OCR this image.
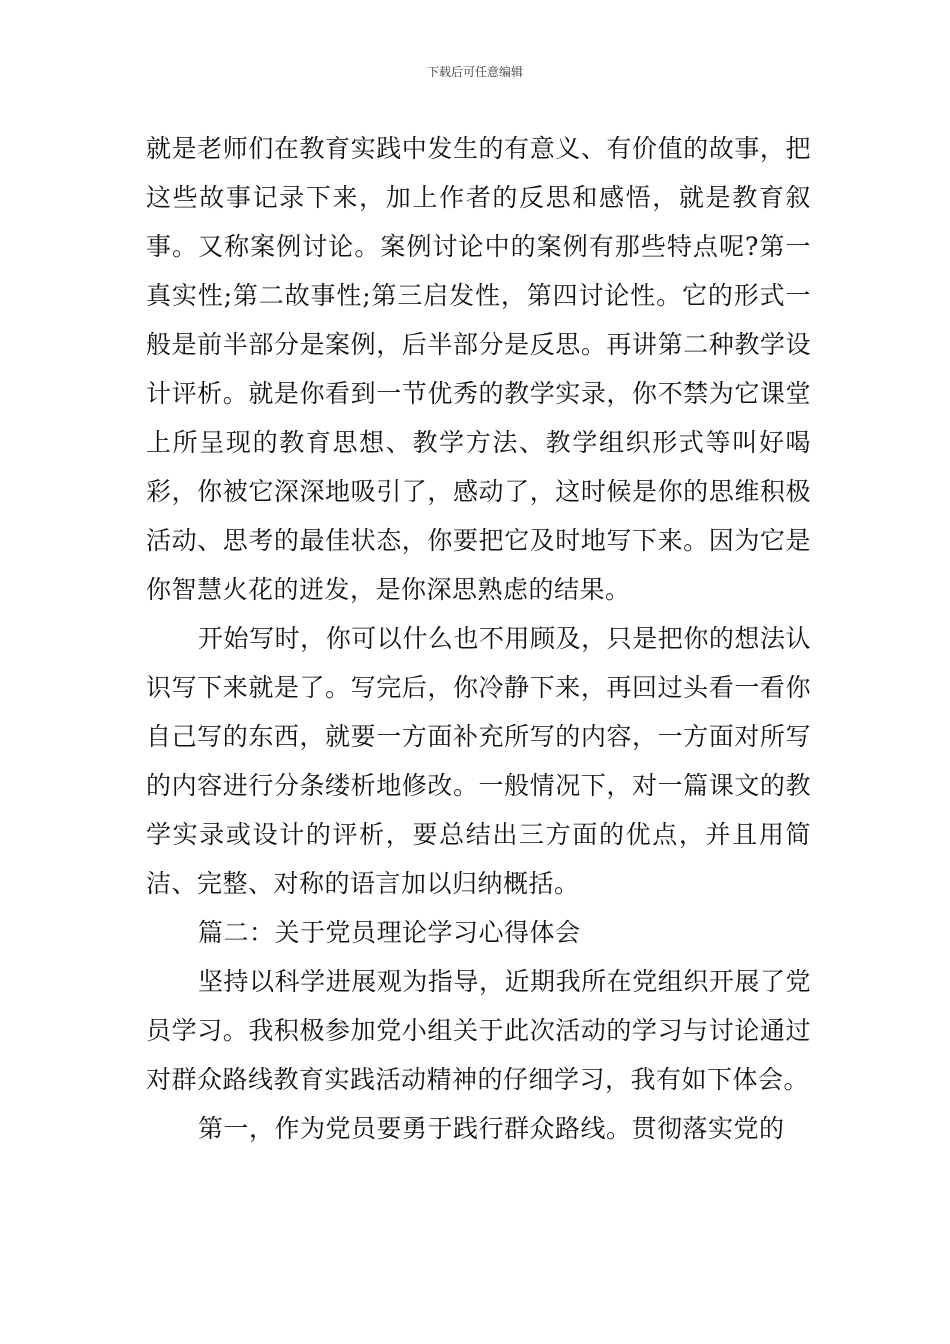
下载后可任意编辑

就是老师们在教育实践中发生的有意义、有价值的故事，把这些故事记录下来，加上作者的反思和感悟，就是教育叙事。又称案例讨论。案例讨论中的案例有那些特点呢?第一真实性;第二故事性;第三启发性，第四讨论性。它的形式一般是前半部分是案例，后半部分是反思。再讲第二种教学设计评析。就是你看到一节优秀的教学实录，你不禁为它课堂上所呈现的教育思想、教学方法、教学组织形式等叫好喝彩，你被它深深地吸引了，感动了，这时候是你的思维积极活动、思考的最佳状态，你要把它及时地写下来。因为它是你智慧火花的迸发，是你深思熟虑的结果。

开始写时，你可以什么也不用顾及，只是把你的想法认识写下来就是了。写完后，你冷静下来，再回过头看一看你自己写的东西，就要一方面补充所写的内容，一方面对所写的内容进行分条缕析地修改。一般情况下，对一篇课文的教学实录或设计的评析，要总结出三方面的优点，并且用简洁、完整、对称的语言加以归纳概括。

篇二：关于党员理论学习心得体会

坚持以科学进展观为指导，近期我所在党组织开展了党员学习。我积极参加党小组关于此次活动的学习与讨论通过对群众路线教育实践活动精神的仔细学习，我有如下体会。

第一，作为党员要勇于践行群众路线。贯彻落实党的
